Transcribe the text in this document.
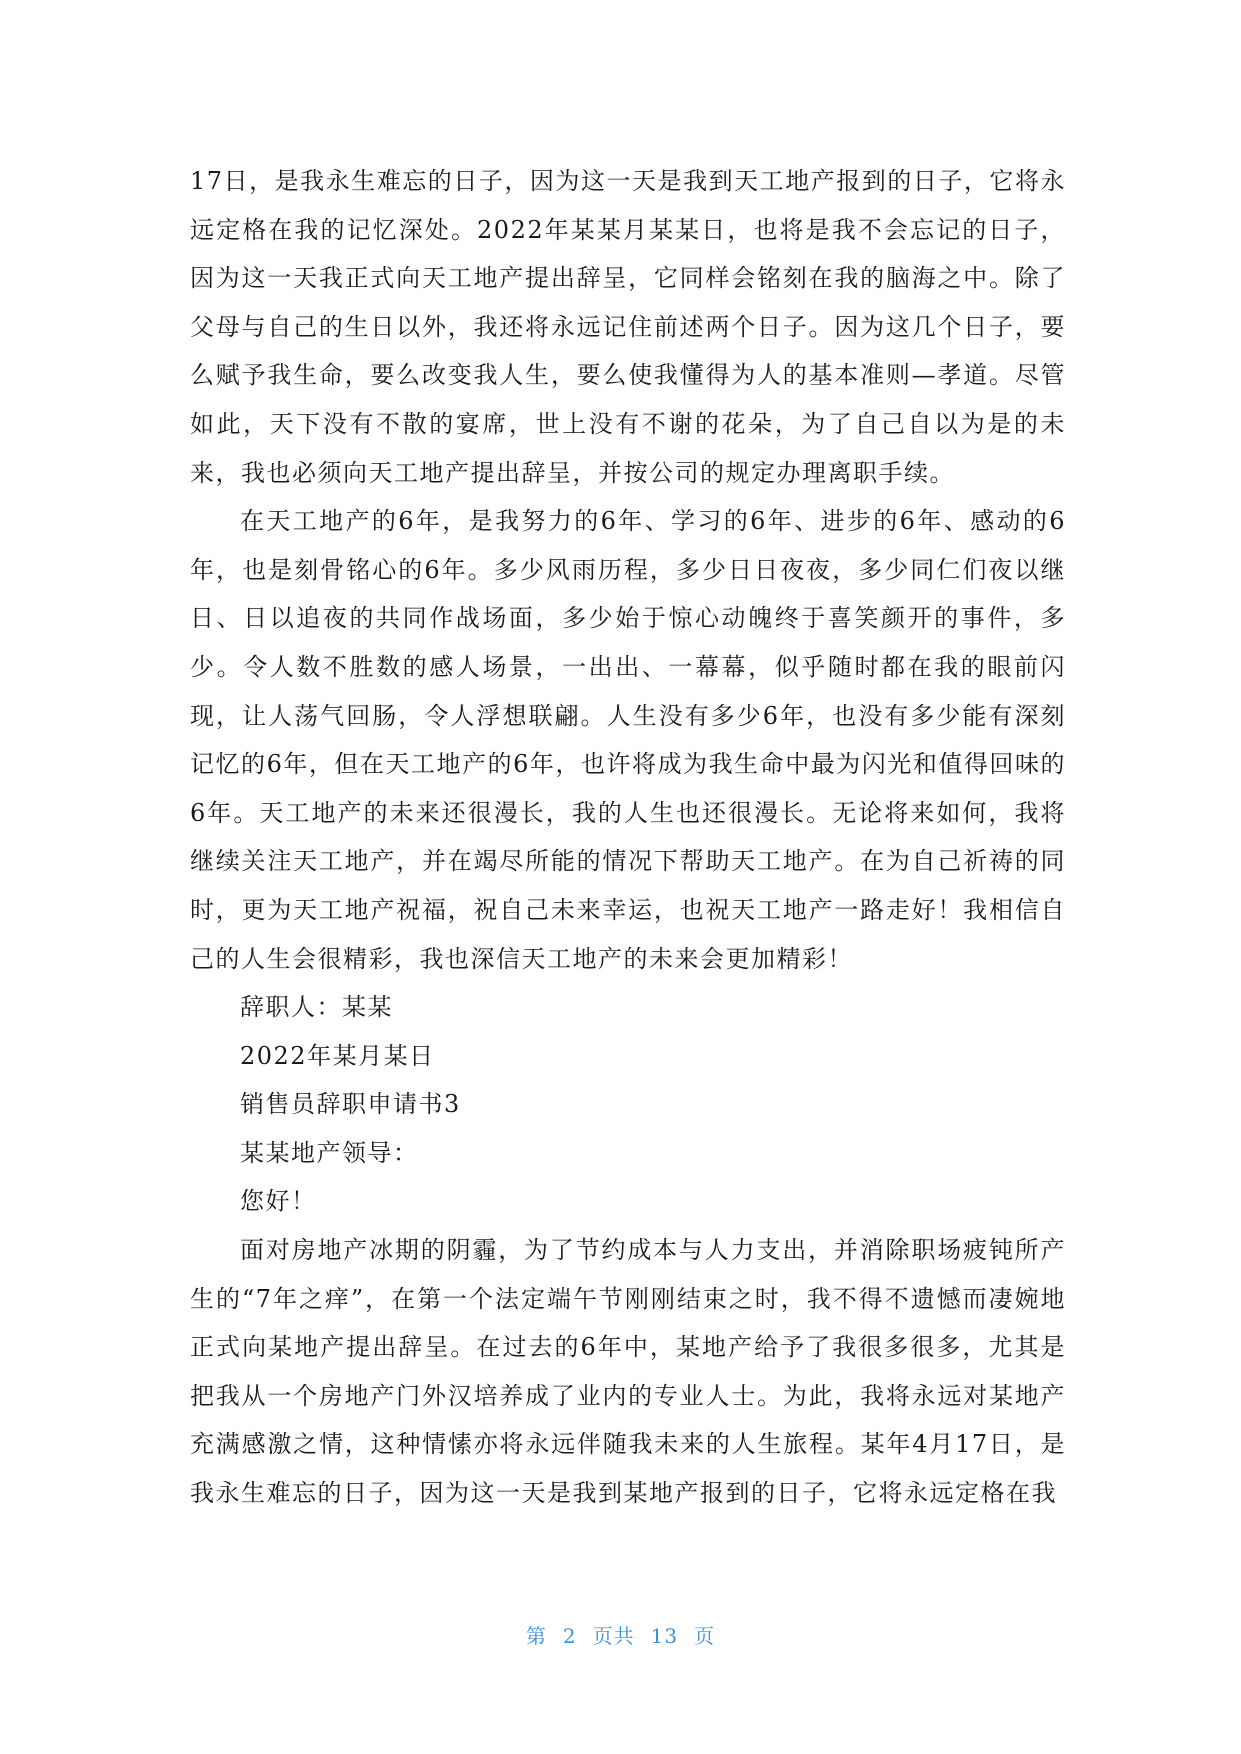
17日，是我永生难忘的日子，因为这一天是我到天工地产报到的日子，它将永远定格在我的记忆深处。2022年某某月某某日，也将是我不会忘记的日子，因为这一天我正式向天工地产提出辞呈，它同样会铭刻在我的脑海之中。除了父母与自己的生日以外，我还将永远记住前述两个日子。因为这几个日子，要么赋予我生命，要么改变我人生，要么使我懂得为人的基本准则—孝道。尽管如此，天下没有不散的宴席，世上没有不谢的花朵，为了自己自以为是的未来，我也必须向天工地产提出辞呈，并按公司的规定办理离职手续。

在天工地产的6年，是我努力的6年、学习的6年、进步的6年、感动的6年，也是刻骨铭心的6年。多少风雨历程，多少日日夜夜，多少同仁们夜以继日、日以追夜的共同作战场面，多少始于惊心动魄终于喜笑颜开的事件，多少。令人数不胜数的感人场景，一出出、一幕幕，似乎随时都在我的眼前闪现，让人荡气回肠，令人浮想联翩。人生没有多少6年，也没有多少能有深刻记忆的6年，但在天工地产的6年，也许将成为我生命中最为闪光和值得回味的6年。天工地产的未来还很漫长，我的人生也还很漫长。无论将来如何，我将继续关注天工地产，并在竭尽所能的情况下帮助天工地产。在为自己祈祷的同时，更为天工地产祝福，祝自己未来幸运，也祝天工地产一路走好！我相信自己的人生会很精彩，我也深信天工地产的未来会更加精彩！

辞职人：某某

2022年某月某日

销售员辞职申请书3

某某地产领导：

您好！

面对房地产冰期的阴霾，为了节约成本与人力支出，并消除职场疲钝所产生的“7年之痒”，在第一个法定端午节刚刚结束之时，我不得不遗憾而凄婉地正式向某地产提出辞呈。在过去的6年中，某地产给予了我很多很多，尤其是把我从一个房地产门外汉培养成了业内的专业人士。为此，我将永远对某地产充满感激之情，这种情愫亦将永远伴随我未来的人生旅程。某年4月17日，是我永生难忘的日子，因为这一天是我到某地产报到的日子，它将永远定格在我

第 2 页共 13 页
